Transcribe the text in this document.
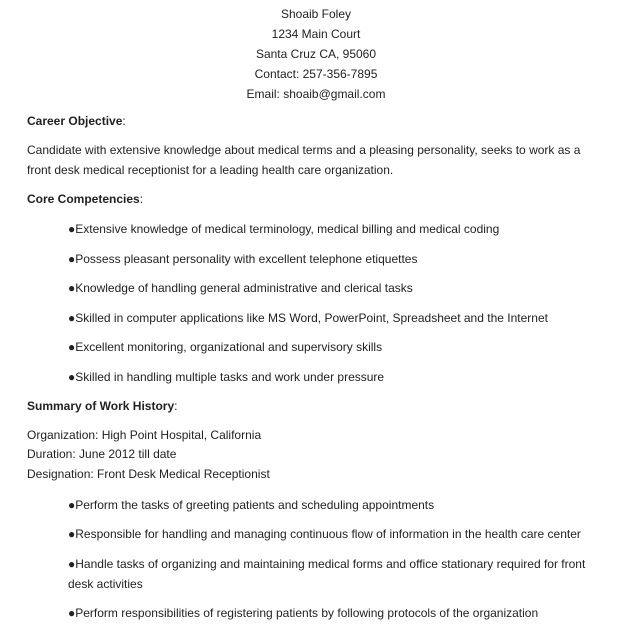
Shoaib Foley
1234 Main Court
Santa Cruz CA, 95060
Contact: 257-356-7895
Email: shoaib@gmail.com
Career Objective:
Candidate with extensive knowledge about medical terms and a pleasing personality, seeks to work as a front desk medical receptionist for a leading health care organization.
Core Competencies:
●Extensive knowledge of medical terminology, medical billing and medical coding
●Possess pleasant personality with excellent telephone etiquettes
●Knowledge of handling general administrative and clerical tasks
●Skilled in computer applications like MS Word, PowerPoint, Spreadsheet and the Internet
●Excellent monitoring, organizational and supervisory skills
●Skilled in handling multiple tasks and work under pressure
Summary of Work History:
Organization: High Point Hospital, California
Duration: June 2012 till date
Designation: Front Desk Medical Receptionist
●Perform the tasks of greeting patients and scheduling appointments
●Responsible for handling and managing continuous flow of information in the health care center
●Handle tasks of organizing and maintaining medical forms and office stationary required for front desk activities
●Perform responsibilities of registering patients by following protocols of the organization
